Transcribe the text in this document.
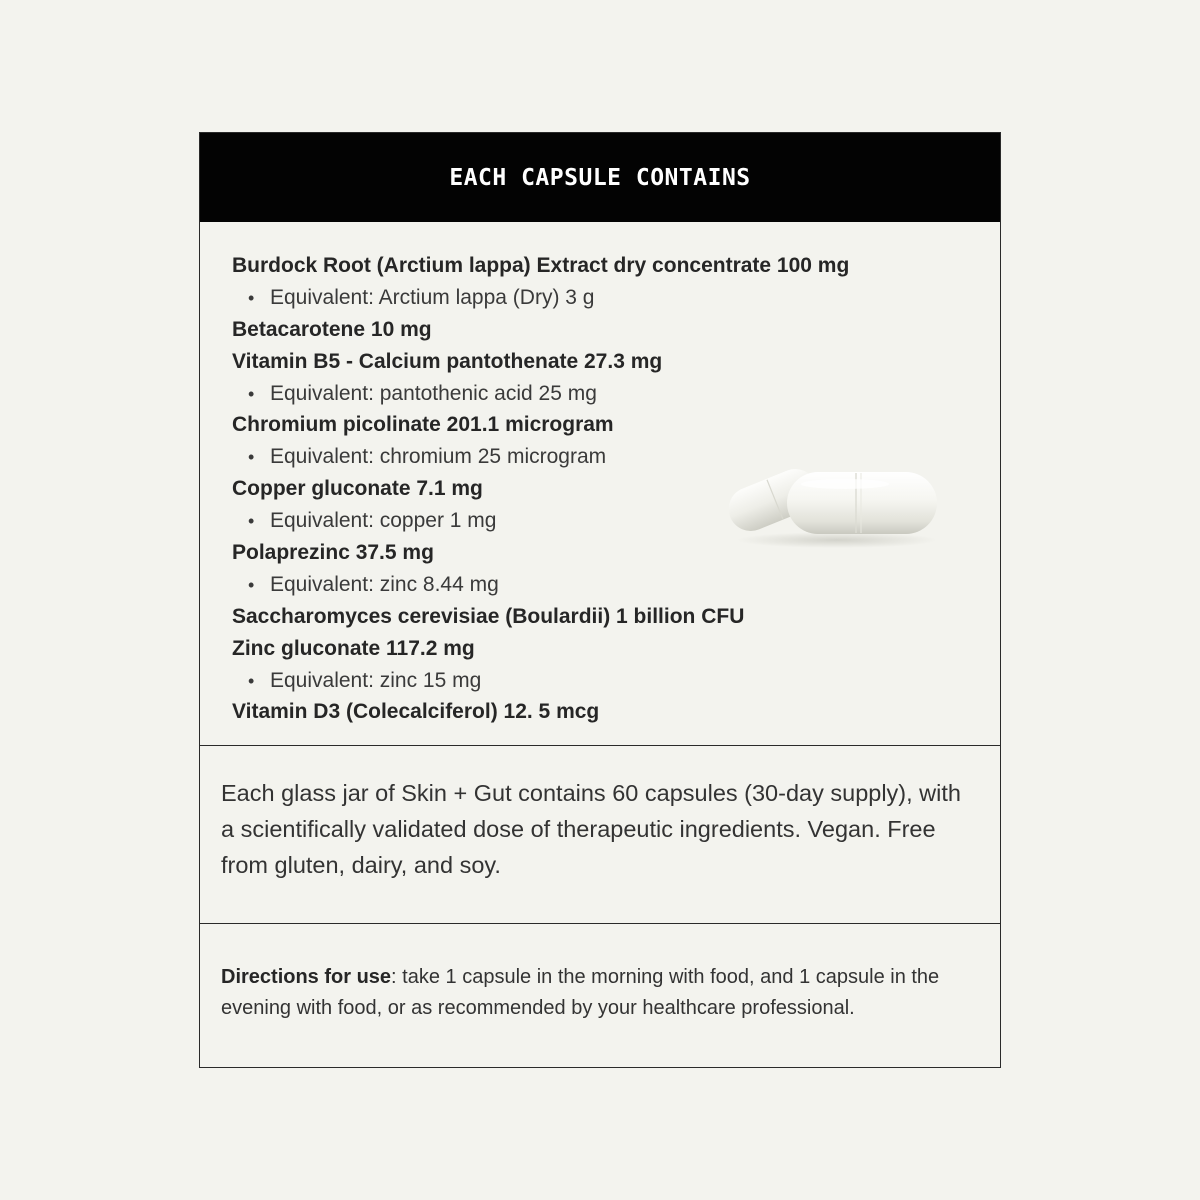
EACH CAPSULE CONTAINS
Burdock Root (Arctium lappa) Extract dry concentrate 100 mg
• Equivalent: Arctium lappa (Dry) 3 g
Betacarotene 10 mg
Vitamin B5 - Calcium pantothenate 27.3 mg
• Equivalent: pantothenic acid 25 mg
Chromium picolinate 201.1 microgram
• Equivalent: chromium 25 microgram
Copper gluconate 7.1 mg
• Equivalent: copper 1 mg
Polaprezinc 37.5 mg
• Equivalent: zinc 8.44 mg
Saccharomyces cerevisiae (Boulardii) 1 billion CFU
Zinc gluconate 117.2 mg
• Equivalent: zinc 15 mg
Vitamin D3 (Colecalciferol) 12. 5 mcg

Each glass jar of Skin + Gut contains 60 capsules (30-day supply), with a scientifically validated dose of therapeutic ingredients. Vegan. Free from gluten, dairy, and soy.

Directions for use: take 1 capsule in the morning with food, and 1 capsule in the evening with food, or as recommended by your healthcare professional.
